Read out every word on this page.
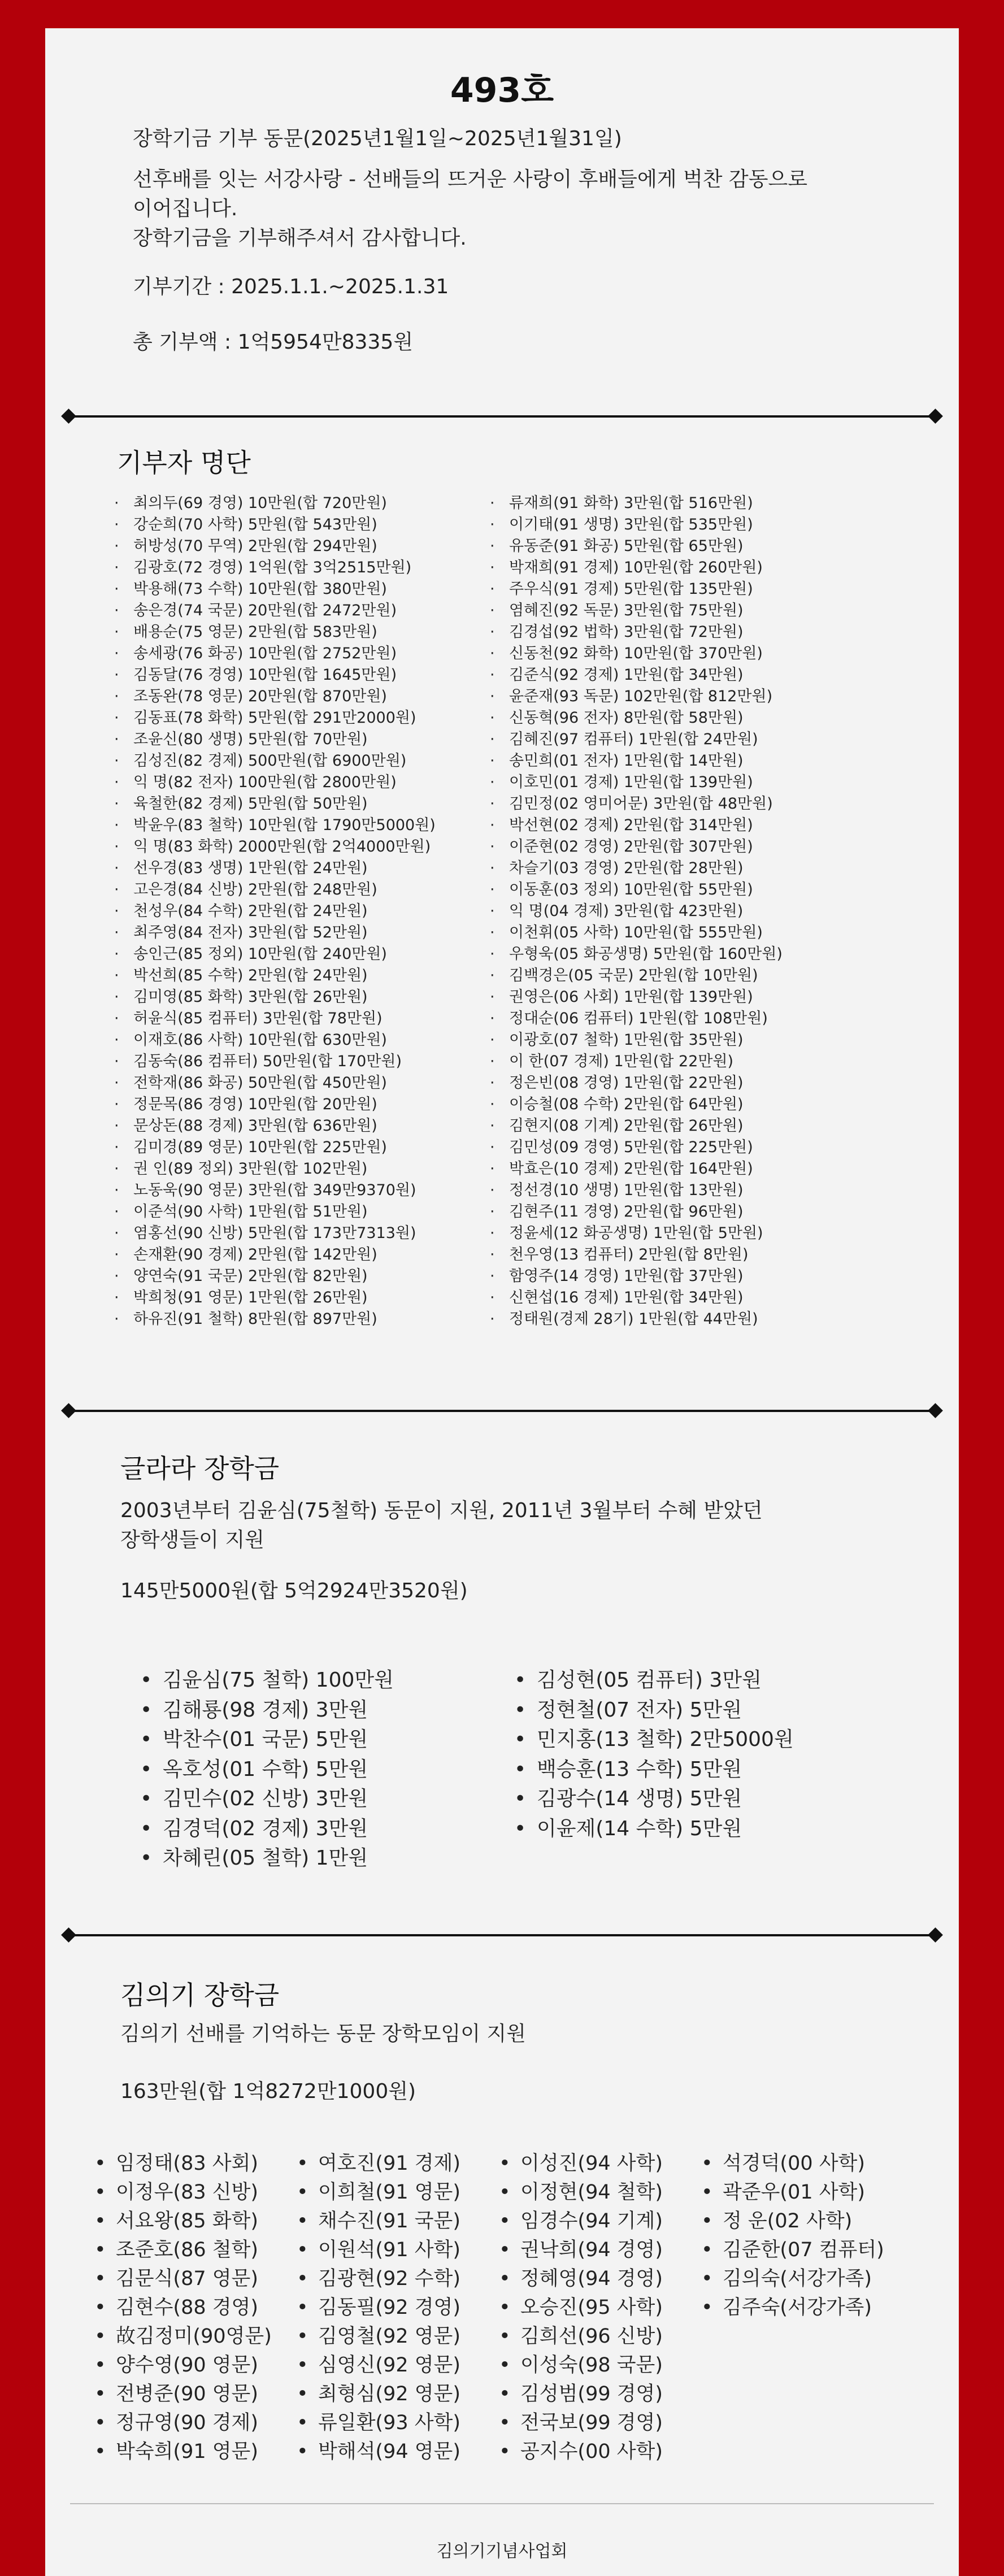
493호
장학기금 기부 동문(2025년1월1일~2025년1월31일)
선후배를 잇는 서강사랑 - 선배들의 뜨거운 사랑이 후배들에게 벅찬 감동으로
이어집니다.
장학기금을 기부해주셔서 감사합니다.
기부기간 : 2025.1.1.~2025.1.31
총 기부액 : 1억5954만8335원
기부자 명단
· 최의두(69 경영) 10만원(합 720만원)
· 강순희(70 사학) 5만원(합 543만원)
· 허방성(70 무역) 2만원(합 294만원)
· 김광호(72 경영) 1억원(합 3억2515만원)
· 박용해(73 수학) 10만원(합 380만원)
· 송은경(74 국문) 20만원(합 2472만원)
· 배용순(75 영문) 2만원(합 583만원)
· 송세광(76 화공) 10만원(합 2752만원)
· 김동달(76 경영) 10만원(합 1645만원)
· 조동완(78 영문) 20만원(합 870만원)
· 김동표(78 화학) 5만원(합 291만2000원)
· 조윤신(80 생명) 5만원(합 70만원)
· 김성진(82 경제) 500만원(합 6900만원)
· 익 명(82 전자) 100만원(합 2800만원)
· 육철한(82 경제) 5만원(합 50만원)
· 박윤우(83 철학) 10만원(합 1790만5000원)
· 익 명(83 화학) 2000만원(합 2억4000만원)
· 선우경(83 생명) 1만원(합 24만원)
· 고은경(84 신방) 2만원(합 248만원)
· 천성우(84 수학) 2만원(합 24만원)
· 최주영(84 전자) 3만원(합 52만원)
· 송인근(85 정외) 10만원(합 240만원)
· 박선희(85 수학) 2만원(합 24만원)
· 김미영(85 화학) 3만원(합 26만원)
· 허윤식(85 컴퓨터) 3만원(합 78만원)
· 이재호(86 사학) 10만원(합 630만원)
· 김동숙(86 컴퓨터) 50만원(합 170만원)
· 전학재(86 화공) 50만원(합 450만원)
· 정문목(86 경영) 10만원(합 20만원)
· 문상돈(88 경제) 3만원(합 636만원)
· 김미경(89 영문) 10만원(합 225만원)
· 권 인(89 정외) 3만원(합 102만원)
· 노동욱(90 영문) 3만원(합 349만9370원)
· 이준석(90 사학) 1만원(합 51만원)
· 염홍선(90 신방) 5만원(합 173만7313원)
· 손재환(90 경제) 2만원(합 142만원)
· 양연숙(91 국문) 2만원(합 82만원)
· 박희청(91 영문) 1만원(합 26만원)
· 하유진(91 철학) 8만원(합 897만원)
· 류재희(91 화학) 3만원(합 516만원)
· 이기태(91 생명) 3만원(합 535만원)
· 유동준(91 화공) 5만원(합 65만원)
· 박재희(91 경제) 10만원(합 260만원)
· 주우식(91 경제) 5만원(합 135만원)
· 염혜진(92 독문) 3만원(합 75만원)
· 김경섭(92 법학) 3만원(합 72만원)
· 신동천(92 화학) 10만원(합 370만원)
· 김준식(92 경제) 1만원(합 34만원)
· 윤준재(93 독문) 102만원(합 812만원)
· 신동혁(96 전자) 8만원(합 58만원)
· 김혜진(97 컴퓨터) 1만원(합 24만원)
· 송민희(01 전자) 1만원(합 14만원)
· 이호민(01 경제) 1만원(합 139만원)
· 김민정(02 영미어문) 3만원(합 48만원)
· 박선현(02 경제) 2만원(합 314만원)
· 이준현(02 경영) 2만원(합 307만원)
· 차슬기(03 경영) 2만원(합 28만원)
· 이동훈(03 정외) 10만원(합 55만원)
· 익 명(04 경제) 3만원(합 423만원)
· 이천휘(05 사학) 10만원(합 555만원)
· 우형욱(05 화공생명) 5만원(합 160만원)
· 김백경은(05 국문) 2만원(합 10만원)
· 권영은(06 사회) 1만원(합 139만원)
· 정대순(06 컴퓨터) 1만원(합 108만원)
· 이광호(07 철학) 1만원(합 35만원)
· 이 한(07 경제) 1만원(합 22만원)
· 정은빈(08 경영) 1만원(합 22만원)
· 이승철(08 수학) 2만원(합 64만원)
· 김현지(08 기계) 2만원(합 26만원)
· 김민성(09 경영) 5만원(합 225만원)
· 박효은(10 경제) 2만원(합 164만원)
· 정선경(10 생명) 1만원(합 13만원)
· 김현주(11 경영) 2만원(합 96만원)
· 정윤세(12 화공생명) 1만원(합 5만원)
· 천우영(13 컴퓨터) 2만원(합 8만원)
· 함영주(14 경영) 1만원(합 37만원)
· 신현섭(16 경제) 1만원(합 34만원)
· 정태원(경제 28기) 1만원(합 44만원)
글라라 장학금
2003년부터 김윤심(75철학) 동문이 지원, 2011년 3월부터 수혜 받았던
장학생들이 지원
145만5000원(합 5억2924만3520원)
• 김윤심(75 철학) 100만원
• 김해룡(98 경제) 3만원
• 박찬수(01 국문) 5만원
• 옥호성(01 수학) 5만원
• 김민수(02 신방) 3만원
• 김경덕(02 경제) 3만원
• 차혜린(05 철학) 1만원
• 김성현(05 컴퓨터) 3만원
• 정현철(07 전자) 5만원
• 민지홍(13 철학) 2만5000원
• 백승훈(13 수학) 5만원
• 김광수(14 생명) 5만원
• 이윤제(14 수학) 5만원
김의기 장학금
김의기 선배를 기억하는 동문 장학모임이 지원
163만원(합 1억8272만1000원)
• 임정태(83 사회)
• 이정우(83 신방)
• 서요왕(85 화학)
• 조준호(86 철학)
• 김문식(87 영문)
• 김현수(88 경영)
• 故김정미(90영문)
• 양수영(90 영문)
• 전병준(90 영문)
• 정규영(90 경제)
• 박숙희(91 영문)
• 여호진(91 경제)
• 이희철(91 영문)
• 채수진(91 국문)
• 이원석(91 사학)
• 김광현(92 수학)
• 김동필(92 경영)
• 김영철(92 영문)
• 심영신(92 영문)
• 최형심(92 영문)
• 류일환(93 사학)
• 박해석(94 영문)
• 이성진(94 사학)
• 이정현(94 철학)
• 임경수(94 기계)
• 권낙희(94 경영)
• 정혜영(94 경영)
• 오승진(95 사학)
• 김희선(96 신방)
• 이성숙(98 국문)
• 김성범(99 경영)
• 전국보(99 경영)
• 공지수(00 사학)
• 석경덕(00 사학)
• 곽준우(01 사학)
• 정 운(02 사학)
• 김준한(07 컴퓨터)
• 김의숙(서강가족)
• 김주숙(서강가족)
김의기기념사업회
